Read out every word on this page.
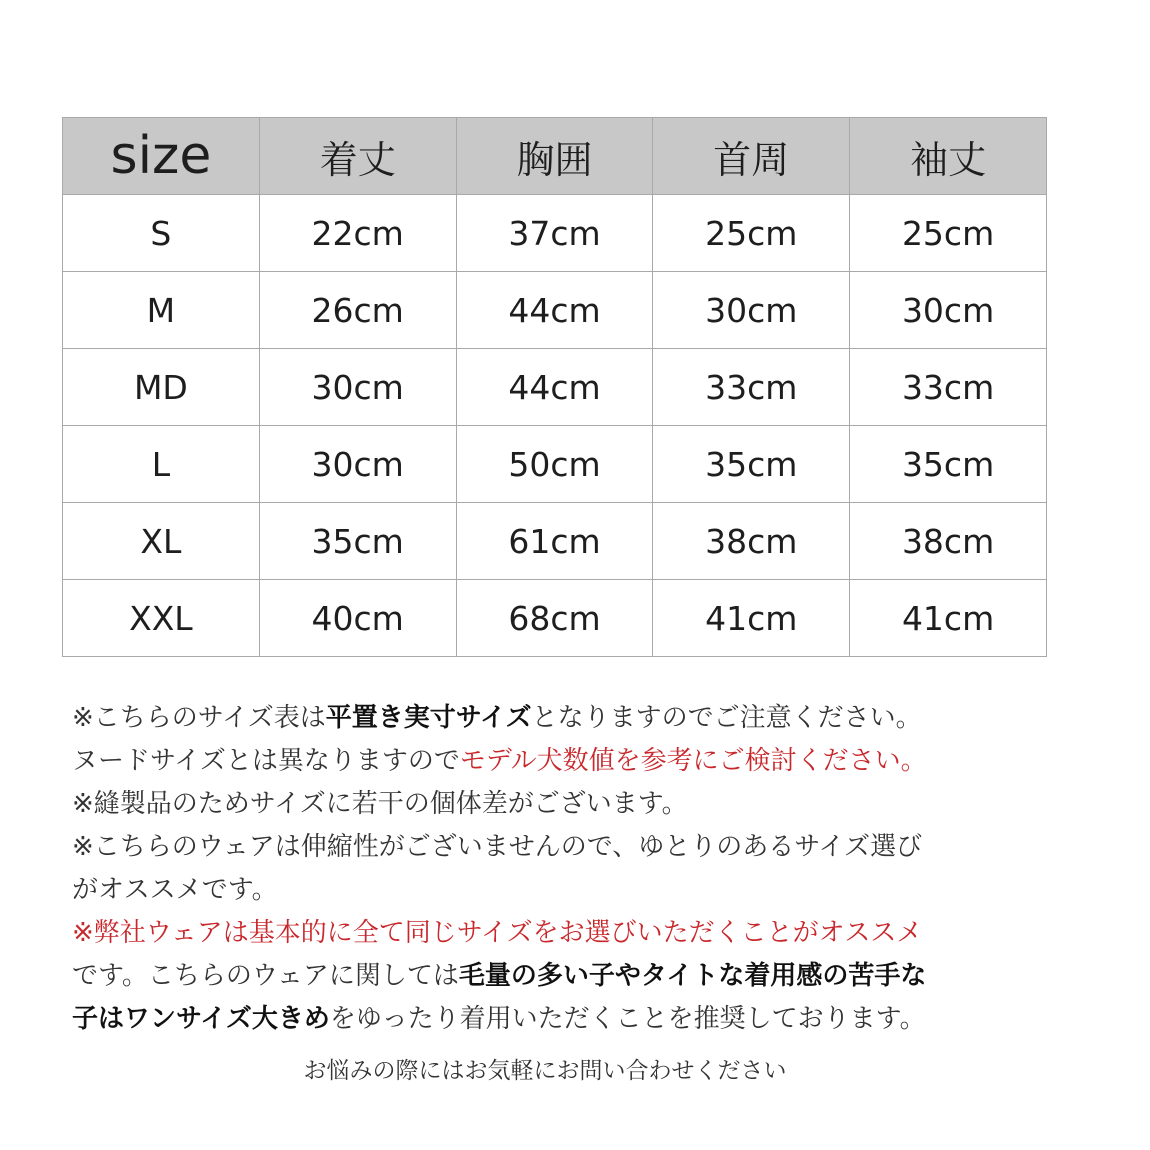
size	着丈	胸囲	首周	袖丈
S	22cm	37cm	25cm	25cm
M	26cm	44cm	30cm	30cm
MD	30cm	44cm	33cm	33cm
L	30cm	50cm	35cm	35cm
XL	35cm	61cm	38cm	38cm
XXL	40cm	68cm	41cm	41cm
※こちらのサイズ表は平置き実寸サイズとなりますのでご注意ください。
ヌードサイズとは異なりますのでモデル犬数値を参考にご検討ください。
※縫製品のためサイズに若干の個体差がございます。
※こちらのウェアは伸縮性がございませんので、ゆとりのあるサイズ選び
がオススメです。
※弊社ウェアは基本的に全て同じサイズをお選びいただくことがオススメ
です。こちらのウェアに関しては毛量の多い子やタイトな着用感の苦手な
子はワンサイズ大きめをゆったり着用いただくことを推奨しております。
お悩みの際にはお気軽にお問い合わせください
